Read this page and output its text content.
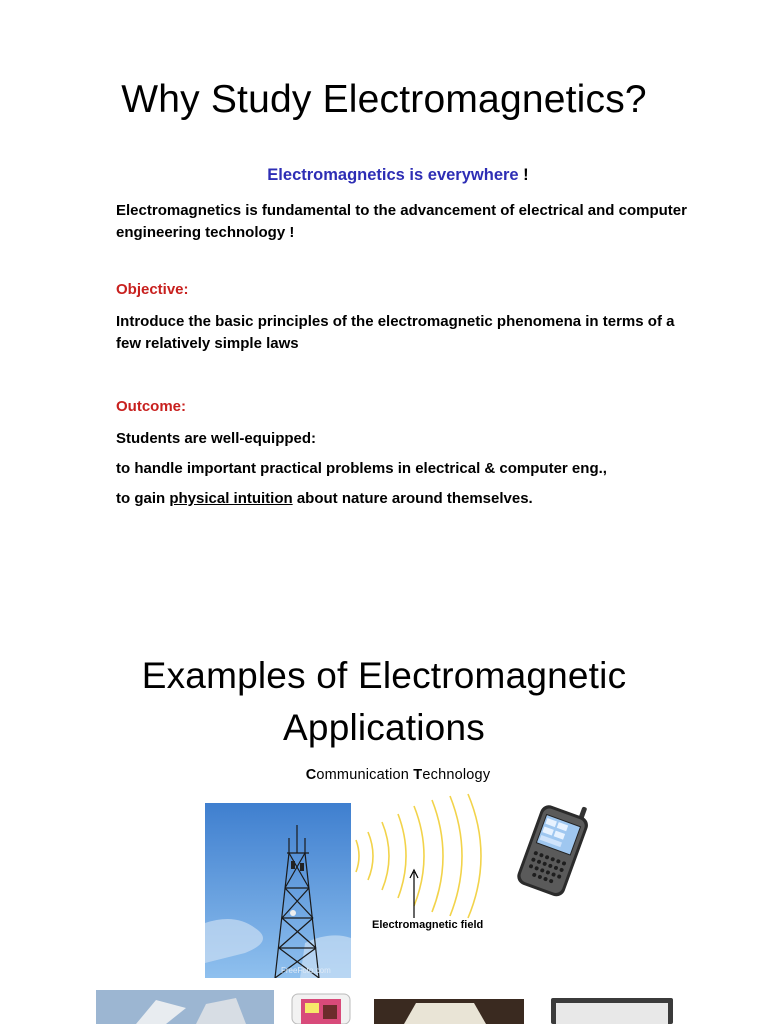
Why Study Electromagnetics?
Electromagnetics is everywhere !
Electromagnetics is fundamental to the advancement of electrical and computer engineering technology !
Objective:
Introduce the basic principles of the electromagnetic phenomena in terms of a few relatively simple laws
Outcome:
Students are well-equipped:
to handle important practical problems in electrical & computer eng.,
to gain physical intuition about nature around themselves.
Examples of Electromagnetic
Applications
Communication Technology
FreeFoto.com
Electromagnetic field
